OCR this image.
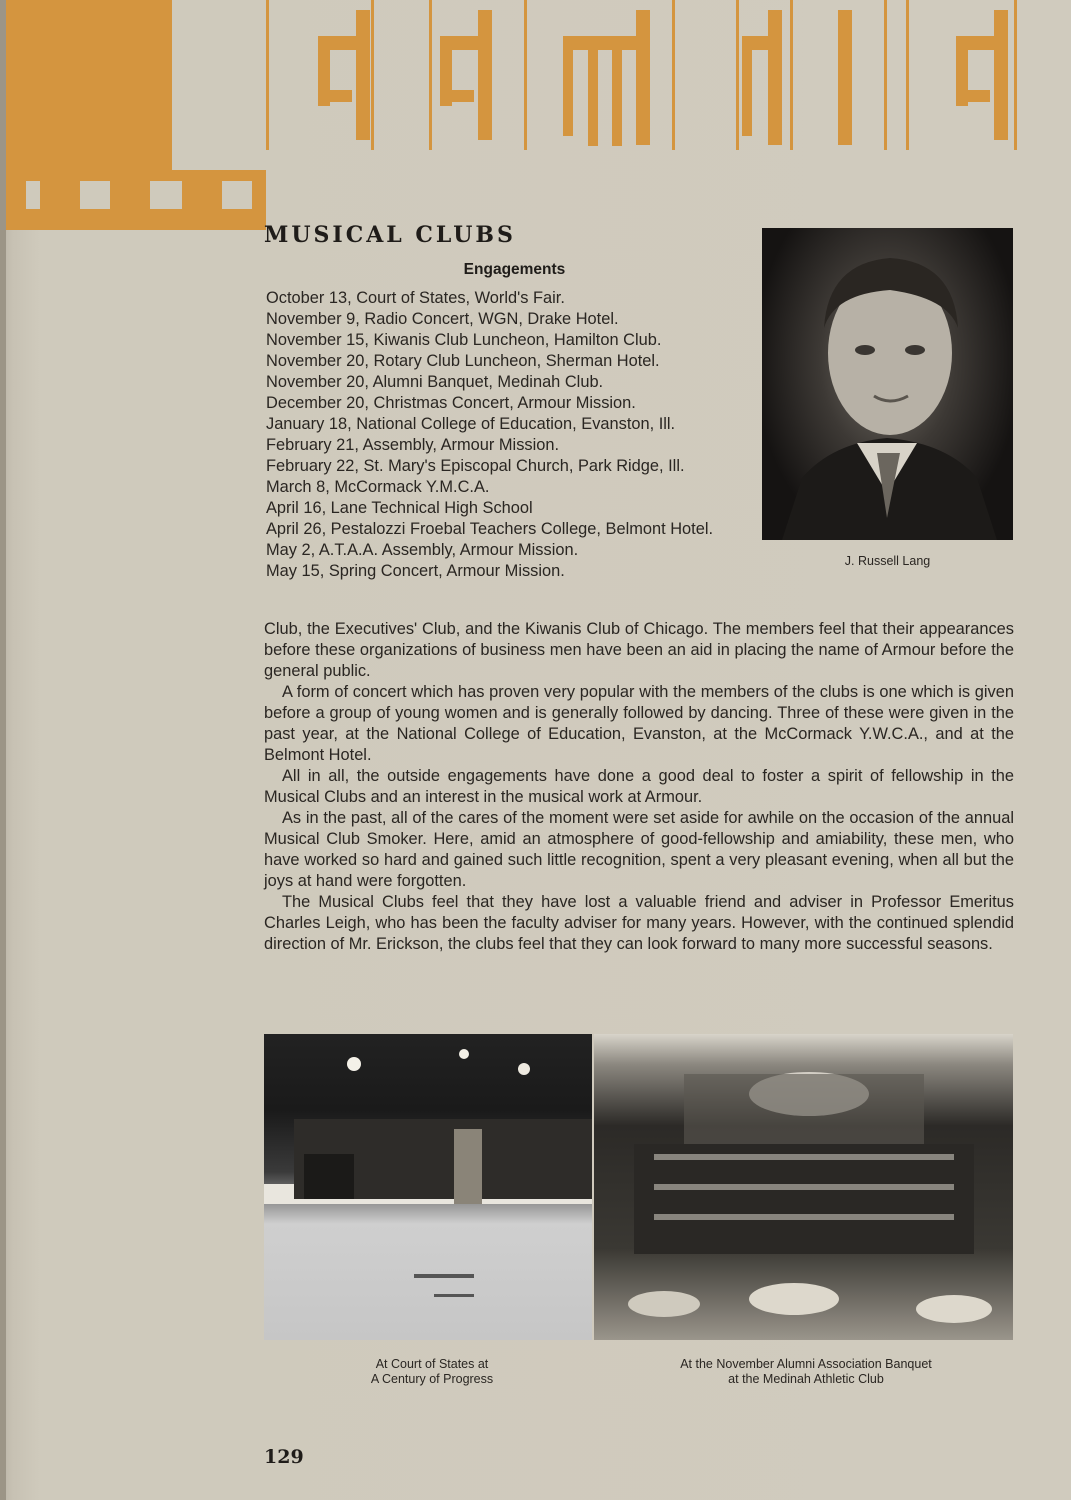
MUSICAL CLUBS
Engagements
October 13, Court of States, World's Fair.
November 9, Radio Concert, WGN, Drake Hotel.
November 15, Kiwanis Club Luncheon, Hamilton Club.
November 20, Rotary Club Luncheon, Sherman Hotel.
November 20, Alumni Banquet, Medinah Club.
December 20, Christmas Concert, Armour Mission.
January 18, National College of Education, Evanston, Ill.
February 21, Assembly, Armour Mission.
February 22, St. Mary's Episcopal Church, Park Ridge, Ill.
March 8, McCormack Y.M.C.A.
April 16, Lane Technical High School
April 26, Pestalozzi Froebal Teachers College, Belmont Hotel.
May 2, A.T.A.A. Assembly, Armour Mission.
May 15, Spring Concert, Armour Mission.
J. Russell Lang

Club, the Executives' Club, and the Kiwanis Club of Chicago. The members feel that their appearances before these organizations of business men have been an aid in placing the name of Armour before the general public.

A form of concert which has proven very popular with the members of the clubs is one which is given before a group of young women and is generally followed by dancing. Three of these were given in the past year, at the National College of Education, Evanston, at the McCormack Y.W.C.A., and at the Belmont Hotel.

All in all, the outside engagements have done a good deal to foster a spirit of fellowship in the Musical Clubs and an interest in the musical work at Armour.

As in the past, all of the cares of the moment were set aside for awhile on the occasion of the annual Musical Club Smoker. Here, amid an atmosphere of good-fellowship and amiability, these men, who have worked so hard and gained such little recognition, spent a very pleasant evening, when all but the joys at hand were forgotten.

The Musical Clubs feel that they have lost a valuable friend and adviser in Professor Emeritus Charles Leigh, who has been the faculty adviser for many years. However, with the continued splendid direction of Mr. Erickson, the clubs feel that they can look forward to many more successful seasons.

At Court of States at
A Century of Progress
At the November Alumni Association Banquet
at the Medinah Athletic Club
129
